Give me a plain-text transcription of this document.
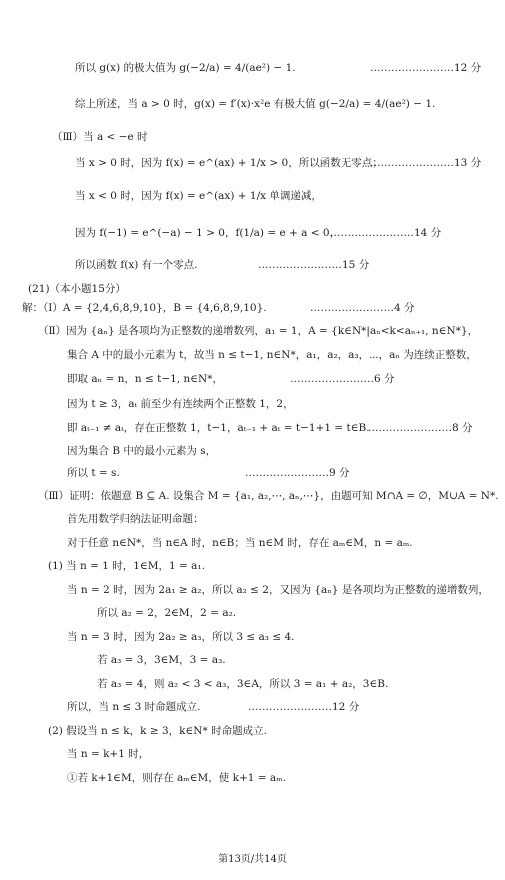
所以 g(x) 的极大值为 g(−2/a) = 4/(ae²) − 1.	……………………12 分
综上所述，当 a > 0 时，g(x) = f′(x)·x²e 有极大值 g(−2/a) = 4/(ae²) − 1.
（Ⅲ）当 a < −e 时
当 x > 0 时，因为 f(x) = e^(ax) + 1/x > 0，所以函数无零点；
……………………13 分
当 x < 0 时，因为 f(x) = e^(ax) + 1/x 单调递减，
因为 f(−1) = e^(−a) − 1 > 0，f(1/a) = e + a < 0，
……………………14 分
所以函数 f(x) 有一个零点.	……………………15 分
(21)（本小题15分）
解：（Ⅰ）A = {2,4,6,8,9,10}，B = {4,6,8,9,10}.	……………………4 分
（Ⅱ）因为 {aₙ} 是各项均为正整数的递增数列，a₁ = 1，A = {k∈N*|aₙ<k<aₙ₊₁, n∈N*}，
集合 A 中的最小元素为 t，故当 n ≤ t−1, n∈N*，a₁，a₂，a₃，⋯，aₙ 为连续正整数，
即取 aₙ = n，n ≤ t−1, n∈N*，	……………………6 分
因为 t ≥ 3，aₜ 前至少有连续两个正整数 1，2，
即 aₜ₋₁ ≠ aₜ，存在正整数 1，t−1，aₜ₋₁ + aₜ = t−1+1 = t∈B.
……………………8 分
因为集合 B 中的最小元素为 s，
所以 t = s.	……………………9 分
（Ⅲ）证明：依题意 B ⊆ A. 设集合 M = {a₁, a₂,⋯, aₙ,⋯}，由题可知 M∩A = ∅，M∪A = N*.
首先用数学归纳法证明命题：
对于任意 n∈N*，当 n∈A 时，n∈B；当 n∈M 时，存在 aₘ∈M，n = aₘ.
(1) 当 n = 1 时，1∈M，1 = a₁.
当 n = 2 时，因为 2a₁ ≥ a₂，所以 a₂ ≤ 2，又因为 {aₙ} 是各项均为正整数的递增数列，
所以 a₂ = 2，2∈M，2 = a₂.
当 n = 3 时，因为 2a₂ ≥ a₃，所以 3 ≤ a₃ ≤ 4.
若 a₃ = 3，3∈M，3 = a₃.
若 a₃ = 4，则 a₂ < 3 < a₃，3∈A，所以 3 = a₁ + a₂，3∈B.
所以，当 n ≤ 3 时命题成立.	……………………12 分
(2) 假设当 n ≤ k，k ≥ 3，k∈N* 时命题成立.
当 n = k+1 时，
①若 k+1∈M，则存在 aₘ∈M，使 k+1 = aₘ.
第13页/共14页
